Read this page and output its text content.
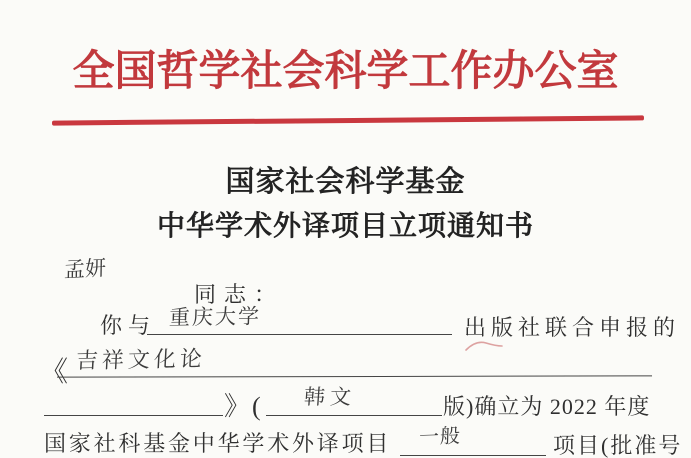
全国哲学社会科学工作办公室
国家社会科学基金
中华学术外译项目立项通知书
孟妍
同志：
你与 重庆大学	出版社联合申报的
《 吉祥文化论
》( 韩文	版)确立为 2022 年度
国家社科基金中华学术外译项目 一般	项目(批准号
